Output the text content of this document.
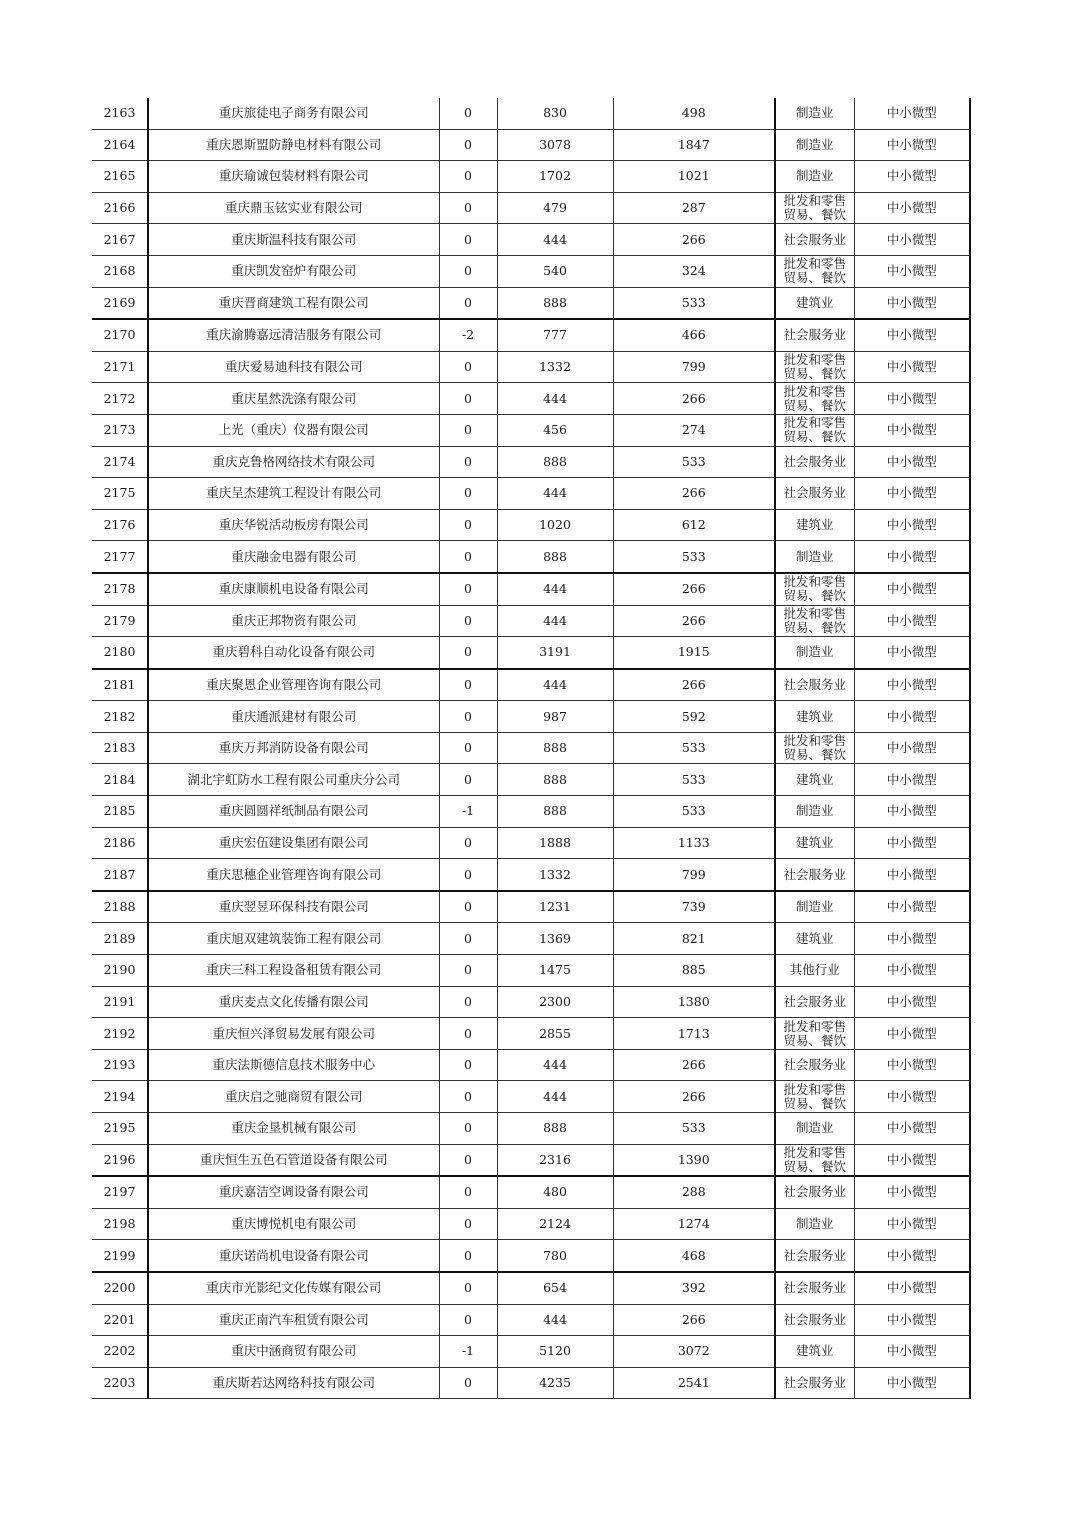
2163	重庆旅徒电子商务有限公司	0	830	498	制造业	中小微型
2164	重庆恩斯盟防静电材料有限公司	0	3078	1847	制造业	中小微型
2165	重庆瑜诚包装材料有限公司	0	1702	1021	制造业	中小微型
2166	重庆鼎玉铉实业有限公司	0	479	287	批发和零售贸易、餐饮	中小微型
2167	重庆斯温科技有限公司	0	444	266	社会服务业	中小微型
2168	重庆凯发窑炉有限公司	0	540	324	批发和零售贸易、餐饮	中小微型
2169	重庆晋商建筑工程有限公司	0	888	533	建筑业	中小微型
2170	重庆渝腾嘉远清洁服务有限公司	-2	777	466	社会服务业	中小微型
2171	重庆爱易迪科技有限公司	0	1332	799	批发和零售贸易、餐饮	中小微型
2172	重庆星然洗涤有限公司	0	444	266	批发和零售贸易、餐饮	中小微型
2173	上光（重庆）仪器有限公司	0	456	274	批发和零售贸易、餐饮	中小微型
2174	重庆克鲁格网络技术有限公司	0	888	533	社会服务业	中小微型
2175	重庆呈杰建筑工程设计有限公司	0	444	266	社会服务业	中小微型
2176	重庆华锐活动板房有限公司	0	1020	612	建筑业	中小微型
2177	重庆融金电器有限公司	0	888	533	制造业	中小微型
2178	重庆康顺机电设备有限公司	0	444	266	批发和零售贸易、餐饮	中小微型
2179	重庆正邦物资有限公司	0	444	266	批发和零售贸易、餐饮	中小微型
2180	重庆碧科自动化设备有限公司	0	3191	1915	制造业	中小微型
2181	重庆聚恩企业管理咨询有限公司	0	444	266	社会服务业	中小微型
2182	重庆通派建材有限公司	0	987	592	建筑业	中小微型
2183	重庆万邦消防设备有限公司	0	888	533	批发和零售贸易、餐饮	中小微型
2184	湖北宇虹防水工程有限公司重庆分公司	0	888	533	建筑业	中小微型
2185	重庆圆圆祥纸制品有限公司	-1	888	533	制造业	中小微型
2186	重庆宏伍建设集团有限公司	0	1888	1133	建筑业	中小微型
2187	重庆思穗企业管理咨询有限公司	0	1332	799	社会服务业	中小微型
2188	重庆翌昱环保科技有限公司	0	1231	739	制造业	中小微型
2189	重庆旭双建筑装饰工程有限公司	0	1369	821	建筑业	中小微型
2190	重庆三科工程设备租赁有限公司	0	1475	885	其他行业	中小微型
2191	重庆麦点文化传播有限公司	0	2300	1380	社会服务业	中小微型
2192	重庆恒兴泽贸易发展有限公司	0	2855	1713	批发和零售贸易、餐饮	中小微型
2193	重庆法斯德信息技术服务中心	0	444	266	社会服务业	中小微型
2194	重庆启之驰商贸有限公司	0	444	266	批发和零售贸易、餐饮	中小微型
2195	重庆金垦机械有限公司	0	888	533	制造业	中小微型
2196	重庆恒生五色石管道设备有限公司	0	2316	1390	批发和零售贸易、餐饮	中小微型
2197	重庆嘉洁空调设备有限公司	0	480	288	社会服务业	中小微型
2198	重庆博悦机电有限公司	0	2124	1274	制造业	中小微型
2199	重庆诺尚机电设备有限公司	0	780	468	社会服务业	中小微型
2200	重庆市光影纪文化传媒有限公司	0	654	392	社会服务业	中小微型
2201	重庆正南汽车租赁有限公司	0	444	266	社会服务业	中小微型
2202	重庆中涵商贸有限公司	-1	5120	3072	建筑业	中小微型
2203	重庆斯若达网络科技有限公司	0	4235	2541	社会服务业	中小微型
